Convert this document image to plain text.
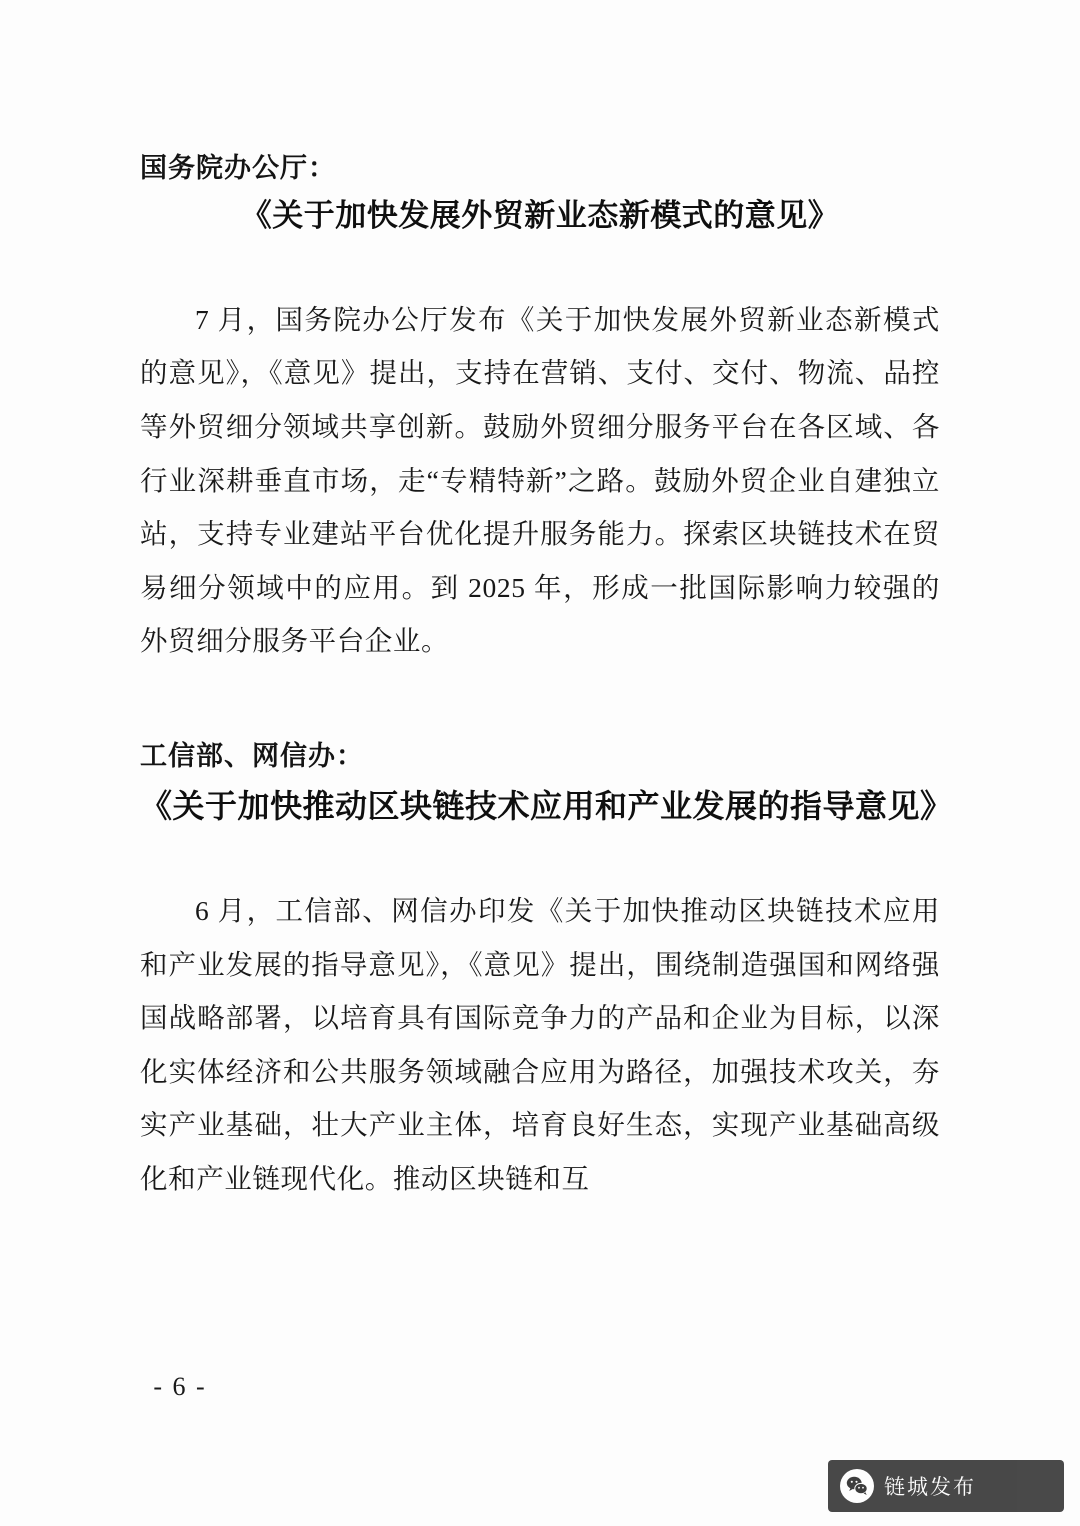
国务院办公厅：
《关于加快发展外贸新业态新模式的意见》

7 月，国务院办公厅发布《关于加快发展外贸新业态新模式的意见》，《意见》提出，支持在营销、支付、交付、物流、品控等外贸细分领域共享创新。鼓励外贸细分服务平台在各区域、各行业深耕垂直市场，走“专精特新”之路。鼓励外贸企业自建独立站，支持专业建站平台优化提升服务能力。探索区块链技术在贸易细分领域中的应用。到 2025 年，形成一批国际影响力较强的外贸细分服务平台企业。

工信部、网信办：
《关于加快推动区块链技术应用和产业发展的指导意见》

6 月，工信部、网信办印发《关于加快推动区块链技术应用和产业发展的指导意见》，《意见》提出，围绕制造强国和网络强国战略部署，以培育具有国际竞争力的产品和企业为目标，以深化实体经济和公共服务领域融合应用为路径，加强技术攻关，夯实产业基础，壮大产业主体，培育良好生态，实现产业基础高级化和产业链现代化。推动区块链和互

- 6 -
链城发布
